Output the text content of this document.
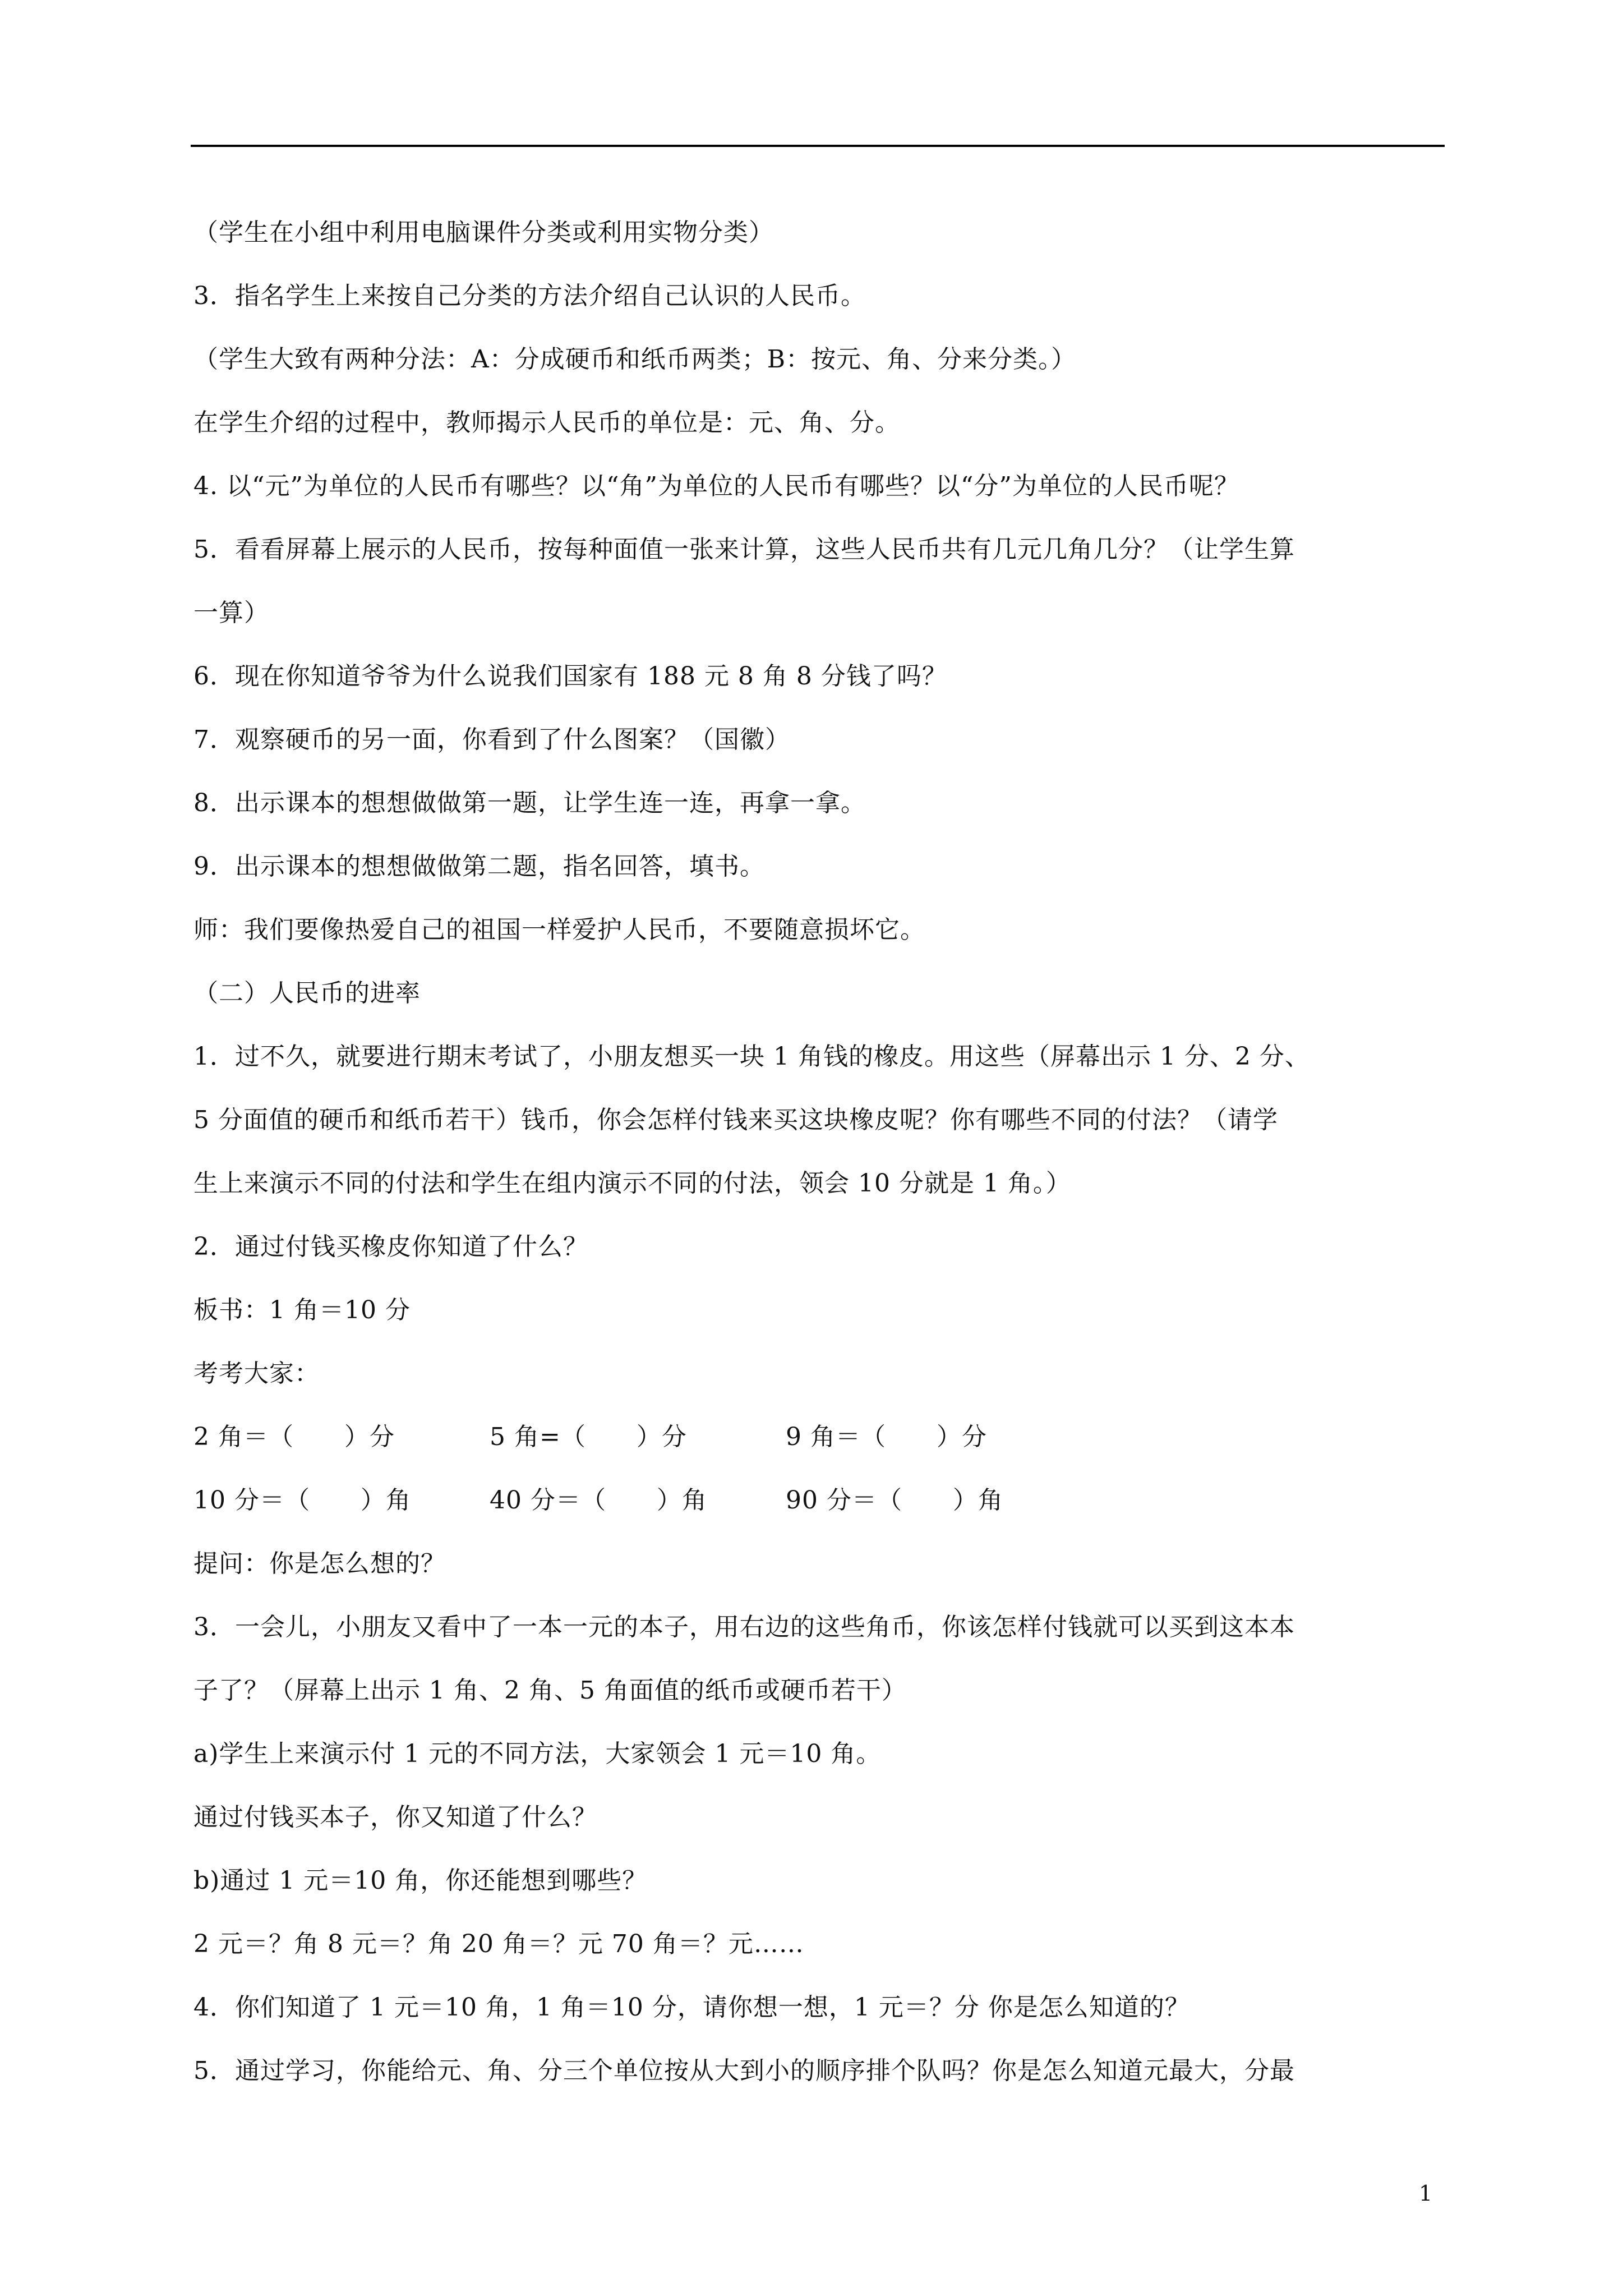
（学生在小组中利用电脑课件分类或利用实物分类）
3．指名学生上来按自己分类的方法介绍自己认识的人民币。
（学生大致有两种分法：A：分成硬币和纸币两类；B：按元、角、分来分类。）
在学生介绍的过程中，教师揭示人民币的单位是：元、角、分。
4. 以“元”为单位的人民币有哪些？以“角”为单位的人民币有哪些？以“分”为单位的人民币呢？
5．看看屏幕上展示的人民币，按每种面值一张来计算，这些人民币共有几元几角几分？（让学生算
一算）
6．现在你知道爷爷为什么说我们国家有 188 元 8 角 8 分钱了吗？
7．观察硬币的另一面，你看到了什么图案？（国徽）
8．出示课本的想想做做第一题，让学生连一连，再拿一拿。
9．出示课本的想想做做第二题，指名回答，填书。
师：我们要像热爱自己的祖国一样爱护人民币，不要随意损坏它。
（二）人民币的进率
1．过不久，就要进行期末考试了，小朋友想买一块 1 角钱的橡皮。用这些（屏幕出示 1 分、2 分、
5 分面值的硬币和纸币若干）钱币，你会怎样付钱来买这块橡皮呢？你有哪些不同的付法？（请学
生上来演示不同的付法和学生在组内演示不同的付法，领会 10 分就是 1 角。）
2．通过付钱买橡皮你知道了什么？
板书：1 角＝10 分
考考大家：
2 角＝（　　）分	5 角=（　　）分	9 角＝（　　）分
10 分＝（　　）角	40 分＝（　　）角	90 分＝（　　）角
提问：你是怎么想的？
3．一会儿，小朋友又看中了一本一元的本子，用右边的这些角币，你该怎样付钱就可以买到这本本
子了？（屏幕上出示 1 角、2 角、5 角面值的纸币或硬币若干）
a)学生上来演示付 1 元的不同方法，大家领会 1 元＝10 角。
通过付钱买本子，你又知道了什么？
b)通过 1 元＝10 角，你还能想到哪些？
2 元＝？角 8 元＝？角 20 角＝？元 70 角＝？元……
4．你们知道了 1 元＝10 角，1 角＝10 分，请你想一想，1 元＝？分 你是怎么知道的？
5．通过学习，你能给元、角、分三个单位按从大到小的顺序排个队吗？你是怎么知道元最大，分最
1
